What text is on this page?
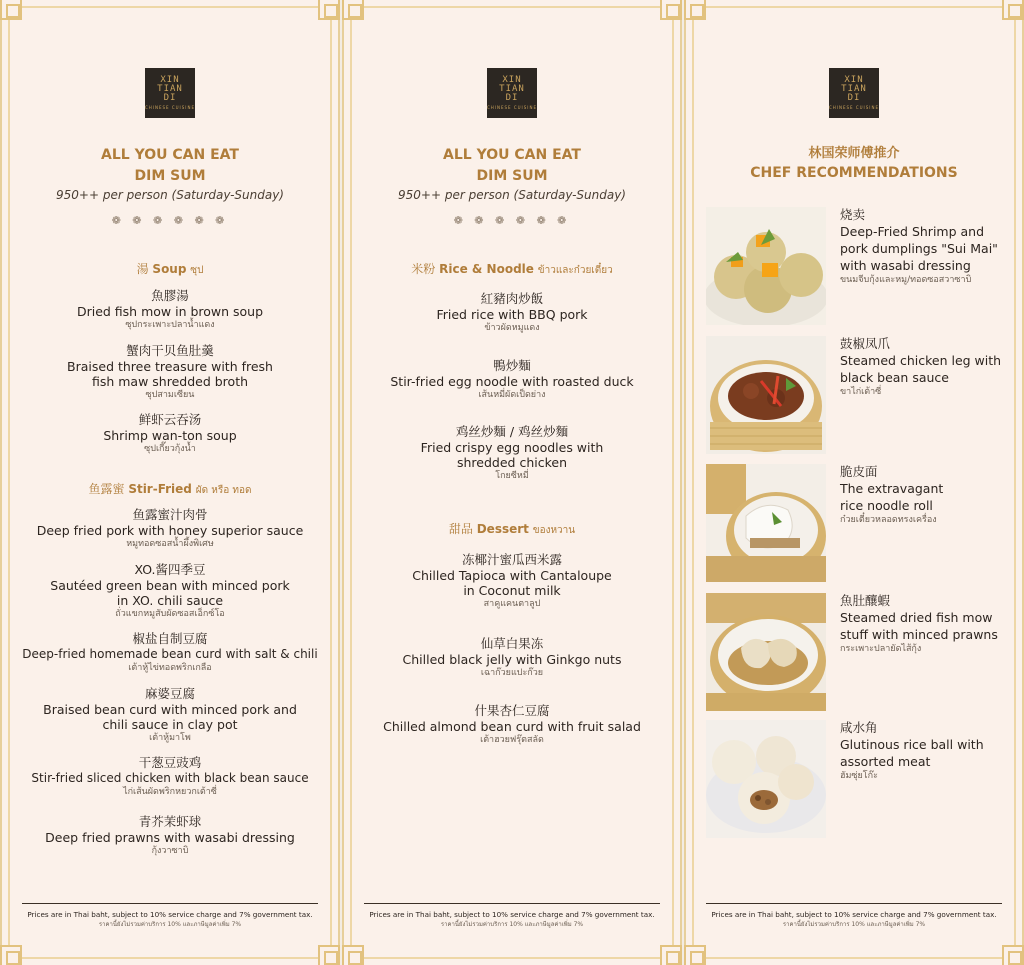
XIN
TIAN
DI
CHINESE CUISINE
ALL YOU CAN EAT
DIM SUM
950++ per person (Saturday-Sunday)
❁ ❁ ❁ ❁ ❁ ❁
湯 Soup ซุป
魚膠湯
Dried fish mow in brown soup
ซุปกระเพาะปลาน้ำแดง
蟹肉干贝鱼肚羹
Braised three treasure with fresh
fish maw shredded broth
ซุปสามเซียน
鲜虾云吞汤
Shrimp wan-ton soup
ซุปเกี๊ยวกุ้งน้ำ
鱼露蜜 Stir-Fried ผัด หรือ ทอด
鱼露蜜汁肉骨
Deep fried pork with honey superior sauce
หมูทอดซอสน้ำผึ้งพิเศษ
XO.酱四季豆
Sautéed green bean with minced pork
in XO. chili sauce
ถั่วแขกหมูสับผัดซอสเอ็กซ์โอ
椒盐自制豆腐
Deep-fried homemade bean curd with salt & chili
เต้าหู้ไข่ทอดพริกเกลือ
麻婆豆腐
Braised bean curd with minced pork and
chili sauce in clay pot
เต้าหู้มาโพ
干葱豆豉鸡
Stir-fried sliced chicken with black bean sauce
ไก่เส้นผัดพริกหยวกเต้าซี่
青芥茉虾球
Deep fried prawns with wasabi dressing
กุ้งวาซาบิ
Prices are in Thai baht, subject to 10% service charge and 7% government tax.
ราคานี้ยังไม่รวมค่าบริการ 10% และภาษีมูลค่าเพิ่ม 7%
XIN
TIAN
DI
CHINESE CUISINE
ALL YOU CAN EAT
DIM SUM
950++ per person (Saturday-Sunday)
❁ ❁ ❁ ❁ ❁ ❁
米粉 Rice & Noodle ข้าวและก๋วยเตี๋ยว
紅豬肉炒飯
Fried rice with BBQ pork
ข้าวผัดหมูแดง
鴨炒麵
Stir-fried egg noodle with roasted duck
เส้นหมี่ผัดเป็ดย่าง
鸡丝炒麵 / 鸡丝炒麵
Fried crispy egg noodles with
shredded chicken
โกยซีหมี่
甜品 Dessert ของหวาน
冻椰汁蜜瓜西米露
Chilled Tapioca with Cantaloupe
in Coconut milk
สาคูแคนตาลูป
仙草白果冻
Chilled black jelly with Ginkgo nuts
เฉาก๊วยแปะก๊วย
什果杏仁豆腐
Chilled almond bean curd with fruit salad
เต้าฮวยฟรุ๊ตสลัด
Prices are in Thai baht, subject to 10% service charge and 7% government tax.
ราคานี้ยังไม่รวมค่าบริการ 10% และภาษีมูลค่าเพิ่ม 7%
XIN
TIAN
DI
CHINESE CUISINE
林国荣师傅推介
CHEF RECOMMENDATIONS
烧卖
Deep-Fried Shrimp and
pork dumplings "Sui Mai"
with wasabi dressing
ขนมจีบกุ้งและหมู/ทอดซอสวาซาบิ
鼓椒凤爪
Steamed chicken leg with
black bean sauce
ขาไก่เต้าซี่
脆皮面
The extravagant
rice noodle roll
ก๋วยเตี๋ยวหลอดทรงเครื่อง
魚肚釀蝦
Steamed dried fish mow
stuff with minced prawns
กระเพาะปลายัดไส้กุ้ง
咸水角
Glutinous rice ball with
assorted meat
ฮัมซุ่ยโก๊ะ
Prices are in Thai baht, subject to 10% service charge and 7% government tax.
ราคานี้ยังไม่รวมค่าบริการ 10% และภาษีมูลค่าเพิ่ม 7%
